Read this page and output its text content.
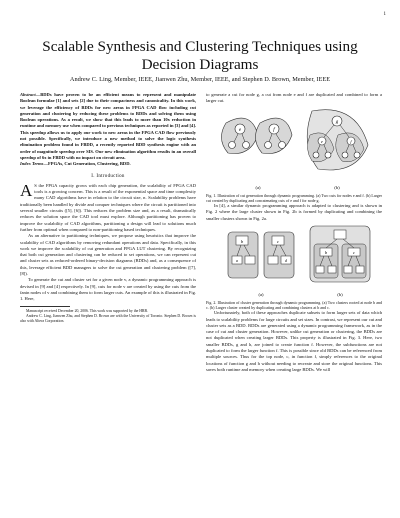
1
Scalable Synthesis and Clustering Techniques using Decision Diagrams
Andrew C. Ling, Member, IEEE, Jianwen Zhu, Member, IEEE, and Stephen D. Brown, Member, IEEE

Abstract—BDDs have proven to be an efficient means to represent and manipulate Boolean formulae [1] and sets [2] due to their compactness and canonicality. In this work, we leverage the efficiency of BDDs for new areas in FPGA CAD flow including cut generation and clustering by reducing these problems to BDDs and solving them using Boolean operations. As a result, we show that this leads to more than 10x reduction in runtime and memory use when compared to previous techniques as reported in [3] and [4]. This speedup allows us to apply our work to new areas in the FPGA CAD flow previously not possible. Specifically, we introduce a new method to solve the logic synthesis elimination problem found in FBDD, a recently reported BDD synthesis engine with an order of magnitude speedup over SIS. Our new elimination algorithm results in an overall speedup of 6x in FBDD with no impact on circuit area.

Index Terms—FPGAs, Cut Generation, Clustering, BDD.

I. Introduction

A S the FPGA capacity grows with each chip generation, the scalability of FPGA CAD tools is a growing concern. This is a result of the exponential space and time complexity many CAD algorithms have in relation to the circuit size, n. Scalability problems have traditionally been handled by divide and conquer techniques where the circuit is partitioned into several smaller circuits ([5], [6]). This reduces the problem size and, as a result, dramatically reduces the solution space the CAD tool must explore. Although partitioning has proven to improve the scalability of CAD algorithms, partitioning a design will lead to solutions much further from optimal when compared to non-partitioning based techniques.

As an alternative to partitioning techniques, we propose using heuristics that improve the scalability of CAD algorithms by removing redundant operations and data. Specifically, in this work we improve the scalability of cut generation and FPGA LUT clustering. By recognizing that both cut generation and clustering can be reduced to set operations, we can represent cut and cluster sets as reduced-ordered binary-decision diagrams (BDDs) and, as a consequence of this, leverage efficient BDD managers to solve the cut generation and clustering problem ([7], [8]).

To generate the cut and cluster set for a given node v, a dynamic programming approach is devised in [9] and [4] respectively. In [9], cuts for node v are created by using the cuts from the fanin nodes of v and combining them to form larger cuts. An example of this is illustrated in Fig. 1. Here,

Manuscript received December 20, 2006. This work was supported by the HRB.

Andrew C. Ling, Jianwen Zhu, and Stephen D. Brown are with the University of Toronto. Stephen D. Brown is also with Altera Corporation.

to generate a cut for node g, a cut from node e and f are duplicated and combined to form a larger cut.

e	f
(a)
g
e	f
(b)

Fig. 1. Illustration of cut generation through dynamic programming. (a) Two cuts for nodes e and f. (b) Larger cut created by duplicating and concatenating cuts of e and f for node g.

In [4], a similar dynamic programming approach is adapted to clustering and is shown in Fig. 2 where the large cluster shown in Fig. 2b is formed by duplicating and combining the smaller clusters shown in Fig. 2a.

b	c
a	d
(a)
b	c
(b)

Fig. 2. Illustration of cluster generation through dynamic programming. (a) Two clusters rooted at node b and c. (b) Larger cluster created by duplicating and combining clusters at b and c.

Unfortunately, both of these approaches duplicate subsets to form larger sets of data which leads to scalability problems for large circuits and set sizes. In contrast, we represent our cut and cluster sets as a BDD. BDDs are generated using a dynamic programming framework, as in the case of cut and cluster generation. However, unlike cut generation or clustering, the BDDs are not duplicated when creating larger BDDs. This property is illustrated in Fig. 3. Here, two smaller BDDs, g and h, are joined to create function f. However, the subfunctions are not duplicated to form the larger function f. This is possible since old BDDs can be referenced from multiple sources. Thus for the top node, c, in function f, simply references to the original locations of function g and h without needing to recreate and store the original functions. This saves both runtime and memory when creating large BDDs. We will
